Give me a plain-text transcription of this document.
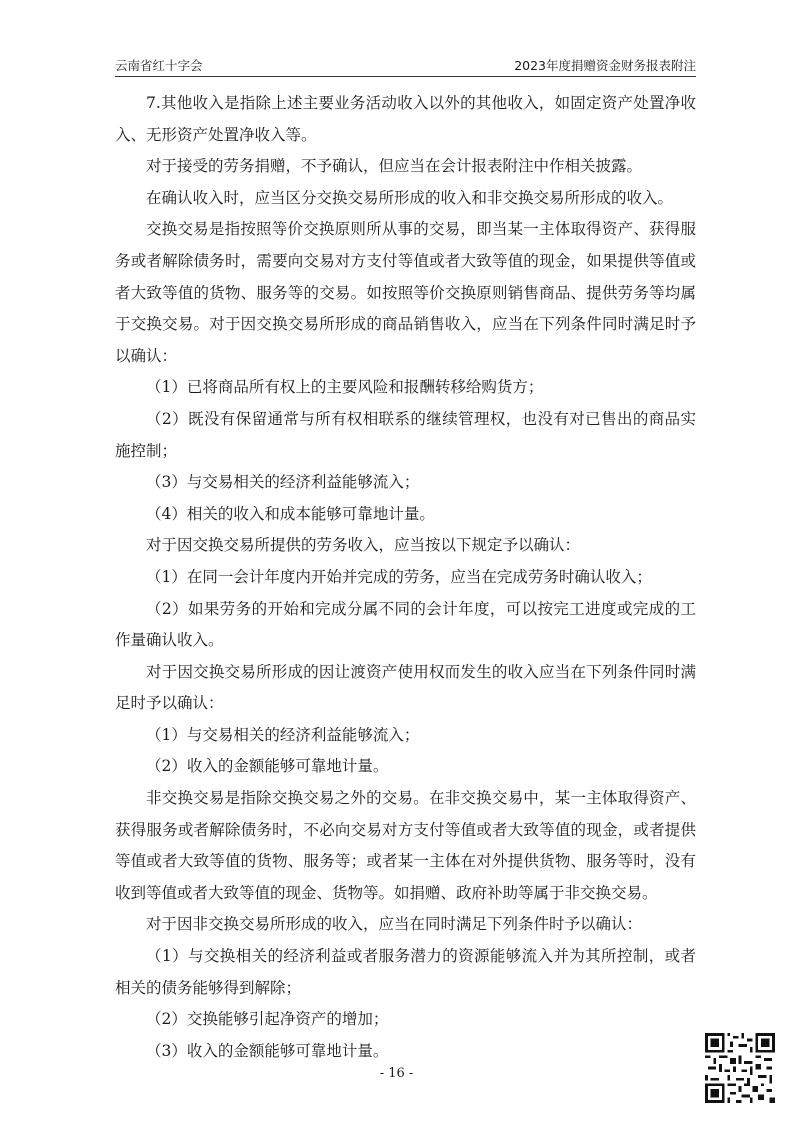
云南省红十字会	2023年度捐赠资金财务报表附注

7.其他收入是指除上述主要业务活动收入以外的其他收入，如固定资产处置净收入、无形资产处置净收入等。

对于接受的劳务捐赠，不予确认，但应当在会计报表附注中作相关披露。

在确认收入时，应当区分交换交易所形成的收入和非交换交易所形成的收入。

交换交易是指按照等价交换原则所从事的交易，即当某一主体取得资产、获得服务或者解除债务时，需要向交易对方支付等值或者大致等值的现金，如果提供等值或者大致等值的货物、服务等的交易。如按照等价交换原则销售商品、提供劳务等均属于交换交易。对于因交换交易所形成的商品销售收入，应当在下列条件同时满足时予以确认：

（1）已将商品所有权上的主要风险和报酬转移给购货方；

（2）既没有保留通常与所有权相联系的继续管理权，也没有对已售出的商品实施控制；

（3）与交易相关的经济利益能够流入；

（4）相关的收入和成本能够可靠地计量。

对于因交换交易所提供的劳务收入，应当按以下规定予以确认：

（1）在同一会计年度内开始并完成的劳务，应当在完成劳务时确认收入；

（2）如果劳务的开始和完成分属不同的会计年度，可以按完工进度或完成的工作量确认收入。

对于因交换交易所形成的因让渡资产使用权而发生的收入应当在下列条件同时满足时予以确认：

（1）与交易相关的经济利益能够流入；

（2）收入的金额能够可靠地计量。

非交换交易是指除交换交易之外的交易。在非交换交易中，某一主体取得资产、获得服务或者解除债务时，不必向交易对方支付等值或者大致等值的现金，或者提供等值或者大致等值的货物、服务等；或者某一主体在对外提供货物、服务等时，没有收到等值或者大致等值的现金、货物等。如捐赠、政府补助等属于非交换交易。

对于因非交换交易所形成的收入，应当在同时满足下列条件时予以确认：

（1）与交换相关的经济利益或者服务潜力的资源能够流入并为其所控制，或者相关的债务能够得到解除；

（2）交换能够引起净资产的增加；

（3）收入的金额能够可靠地计量。

- 16 -
